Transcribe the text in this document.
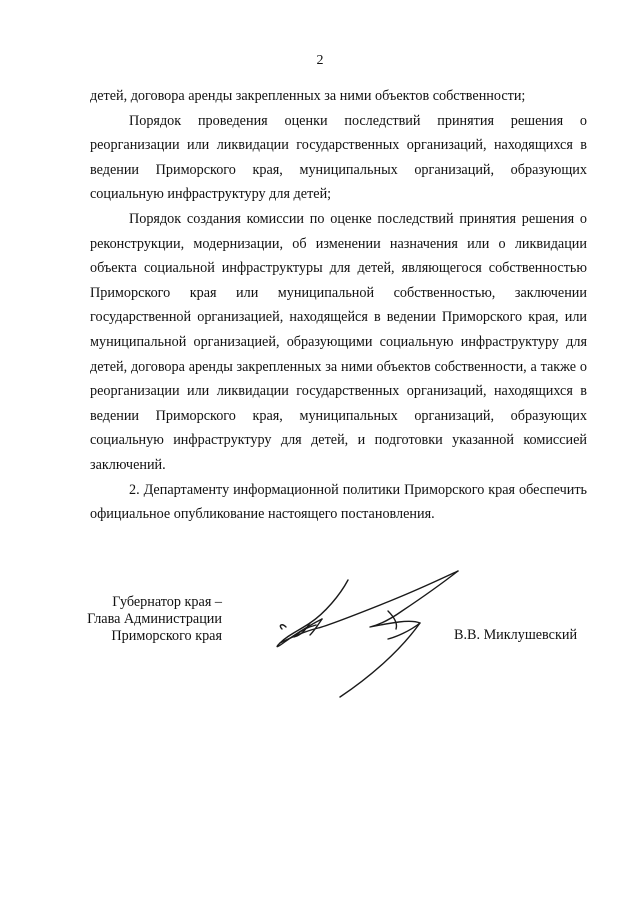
2

детей, договора аренды закрепленных за ними объектов собственности;

Порядок проведения оценки последствий принятия решения о реорганизации или ликвидации государственных организаций, находящихся в ведении Приморского края, муниципальных организаций, образующих социальную инфраструктуру для детей;

Порядок создания комиссии по оценке последствий принятия решения о реконструкции, модернизации, об изменении назначения или о ликвидации объекта социальной инфраструктуры для детей, являющегося собственностью Приморского края или муниципальной собственностью, заключении государственной организацией, находящейся в ведении Приморского края, или муниципальной организацией, образующими социальную инфраструктуру для детей, договора аренды закрепленных за ними объектов собственности, а также о реорганизации или ликвидации государственных организаций, находящихся в ведении Приморского края, муниципальных организаций, образующих социальную инфраструктуру для детей, и подготовки указанной комиссией заключений.

2. Департаменту информационной политики Приморского края обеспечить официальное опубликование настоящего постановления.

Губернатор края –
Глава Администрации
Приморского края	В.В. Миклушевский
